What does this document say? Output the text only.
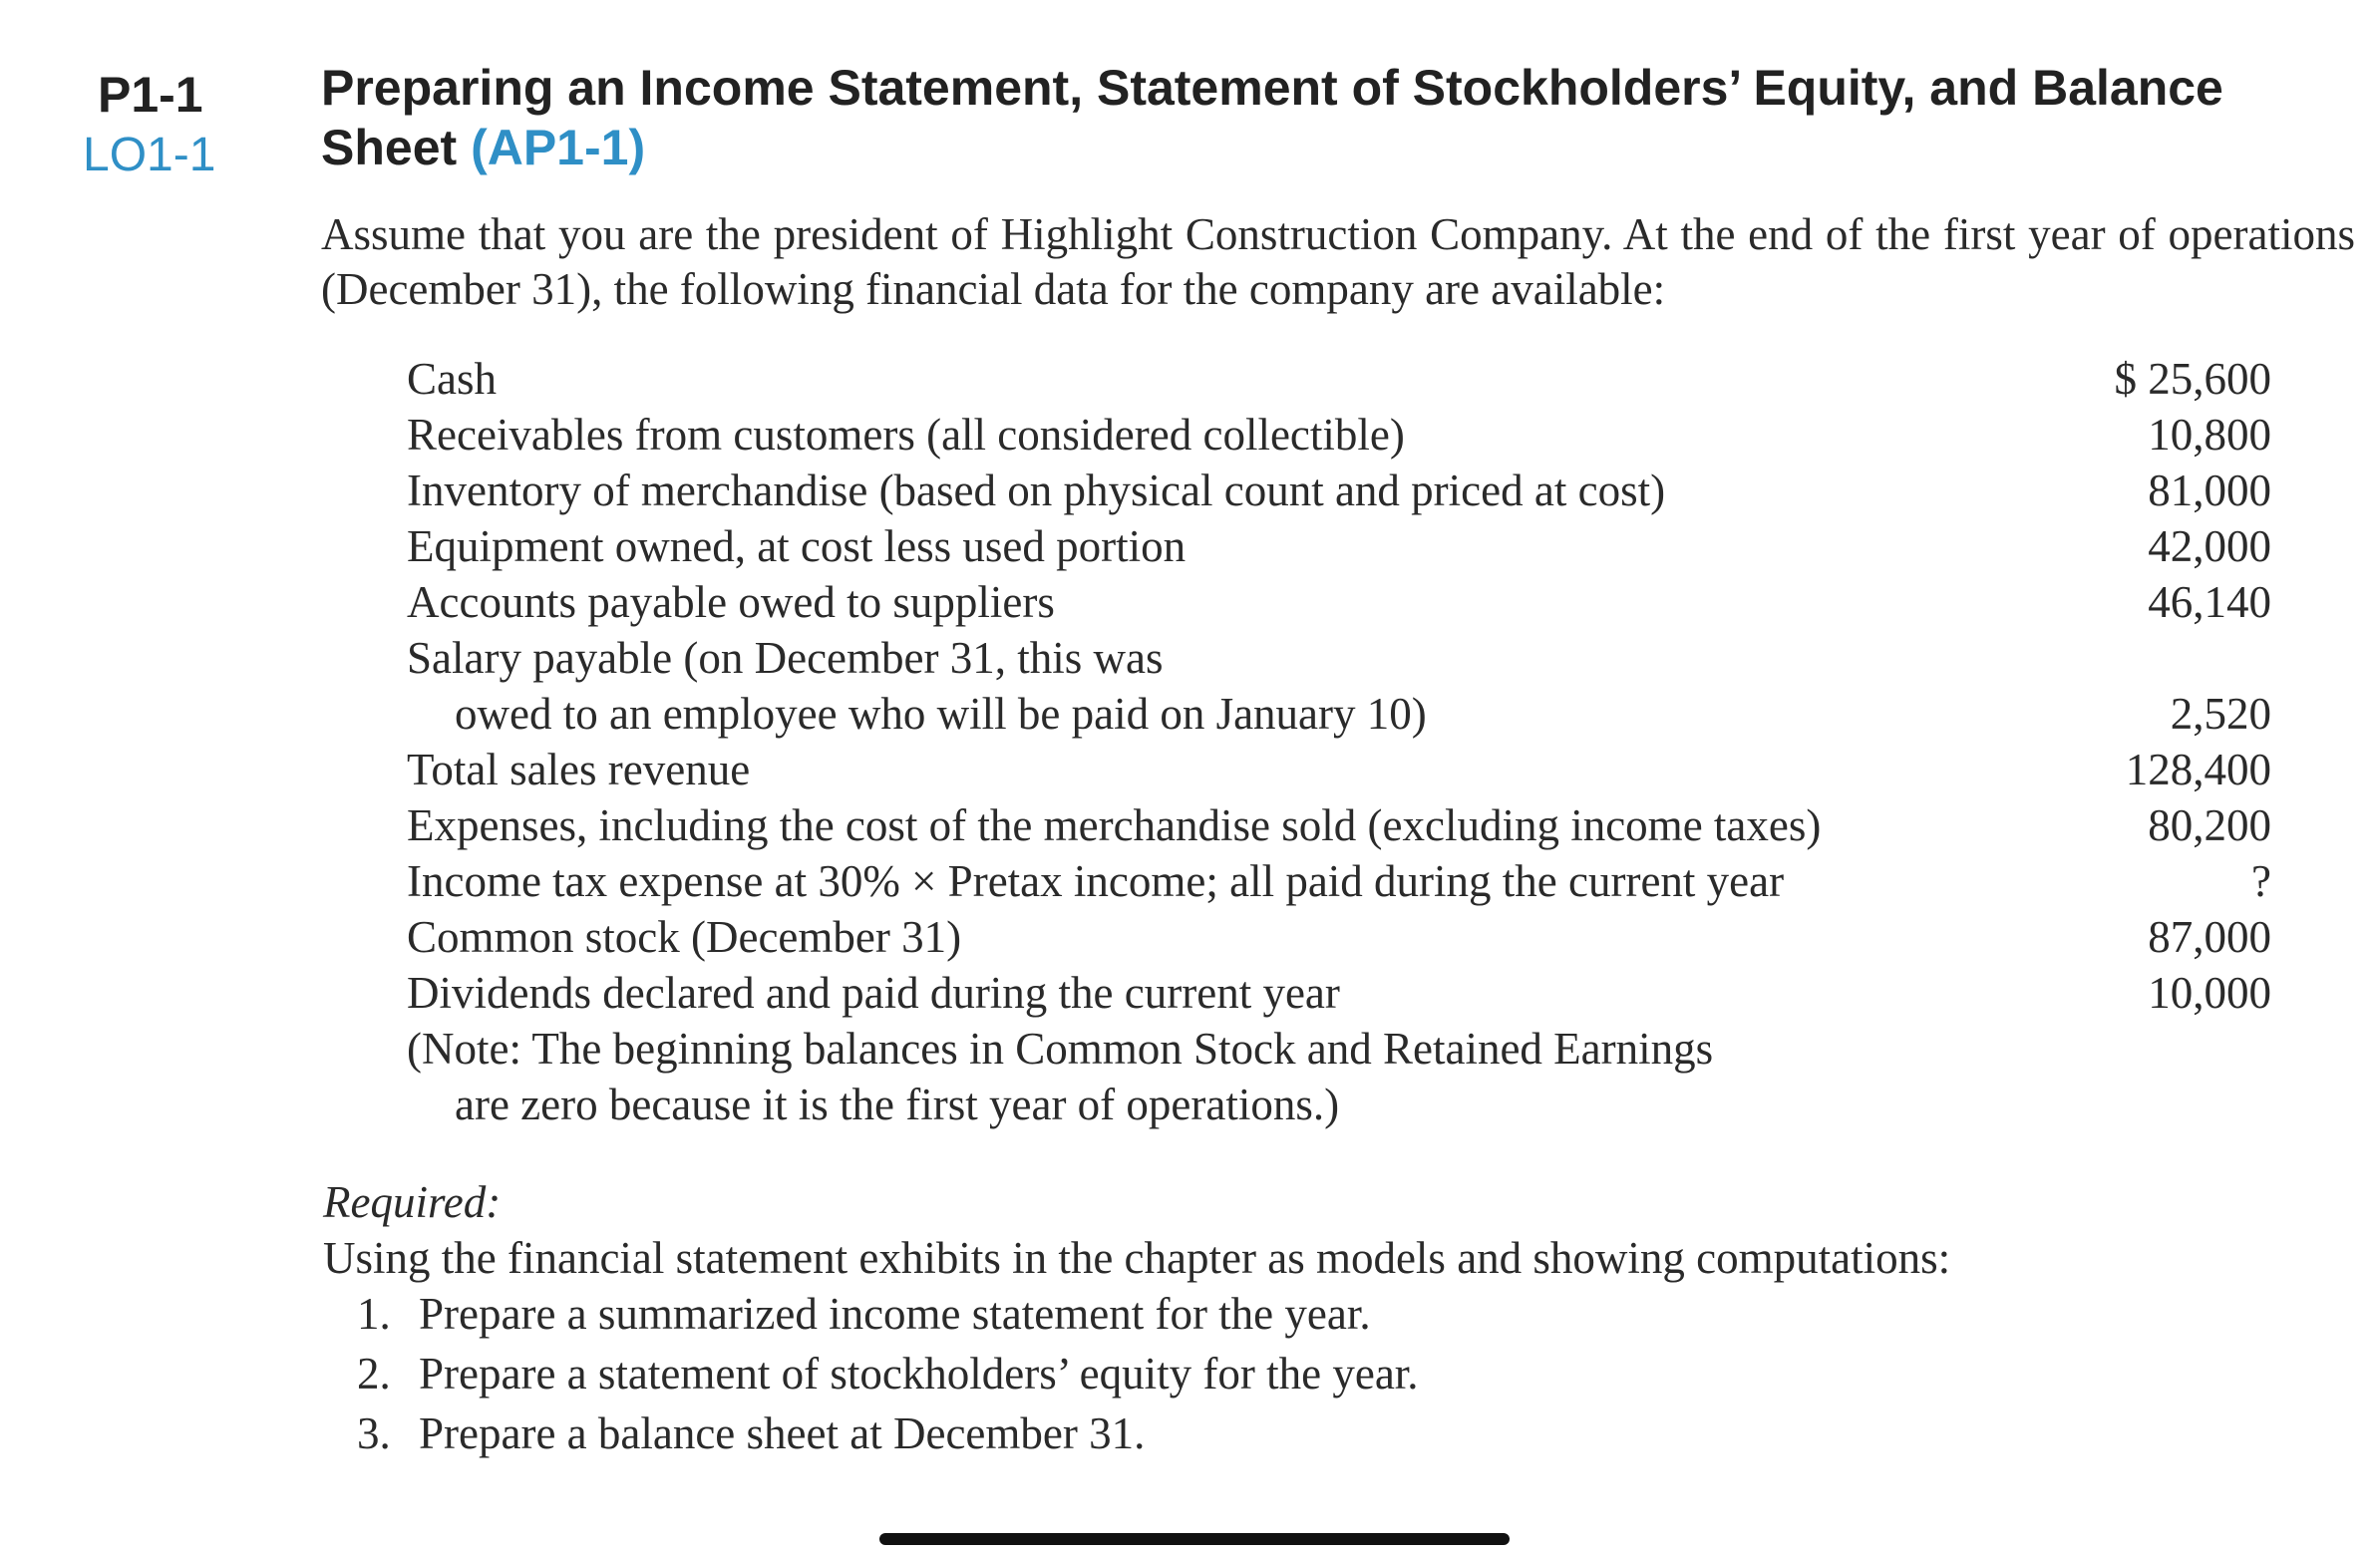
P1-1
LO1-1
Preparing an Income Statement, Statement of Stockholders’ Equity, and Balance Sheet (AP1-1)
Assume that you are the president of Highlight Construction Company. At the end of the first year of operations (December 31), the following financial data for the company are available:
Cash	$ 25,600
Receivables from customers (all considered collectible)	10,800
Inventory of merchandise (based on physical count and priced at cost)	81,000
Equipment owned, at cost less used portion	42,000
Accounts payable owed to suppliers	46,140
Salary payable (on December 31, this was
owed to an employee who will be paid on January 10)	2,520
Total sales revenue	128,400
Expenses, including the cost of the merchandise sold (excluding income taxes)	80,200
Income tax expense at 30% × Pretax income; all paid during the current year	?
Common stock (December 31)	87,000
Dividends declared and paid during the current year	10,000
(Note: The beginning balances in Common Stock and Retained Earnings
are zero because it is the first year of operations.)
Required:
Using the financial statement exhibits in the chapter as models and showing computations:
1. Prepare a summarized income statement for the year.
2. Prepare a statement of stockholders’ equity for the year.
3. Prepare a balance sheet at December 31.
